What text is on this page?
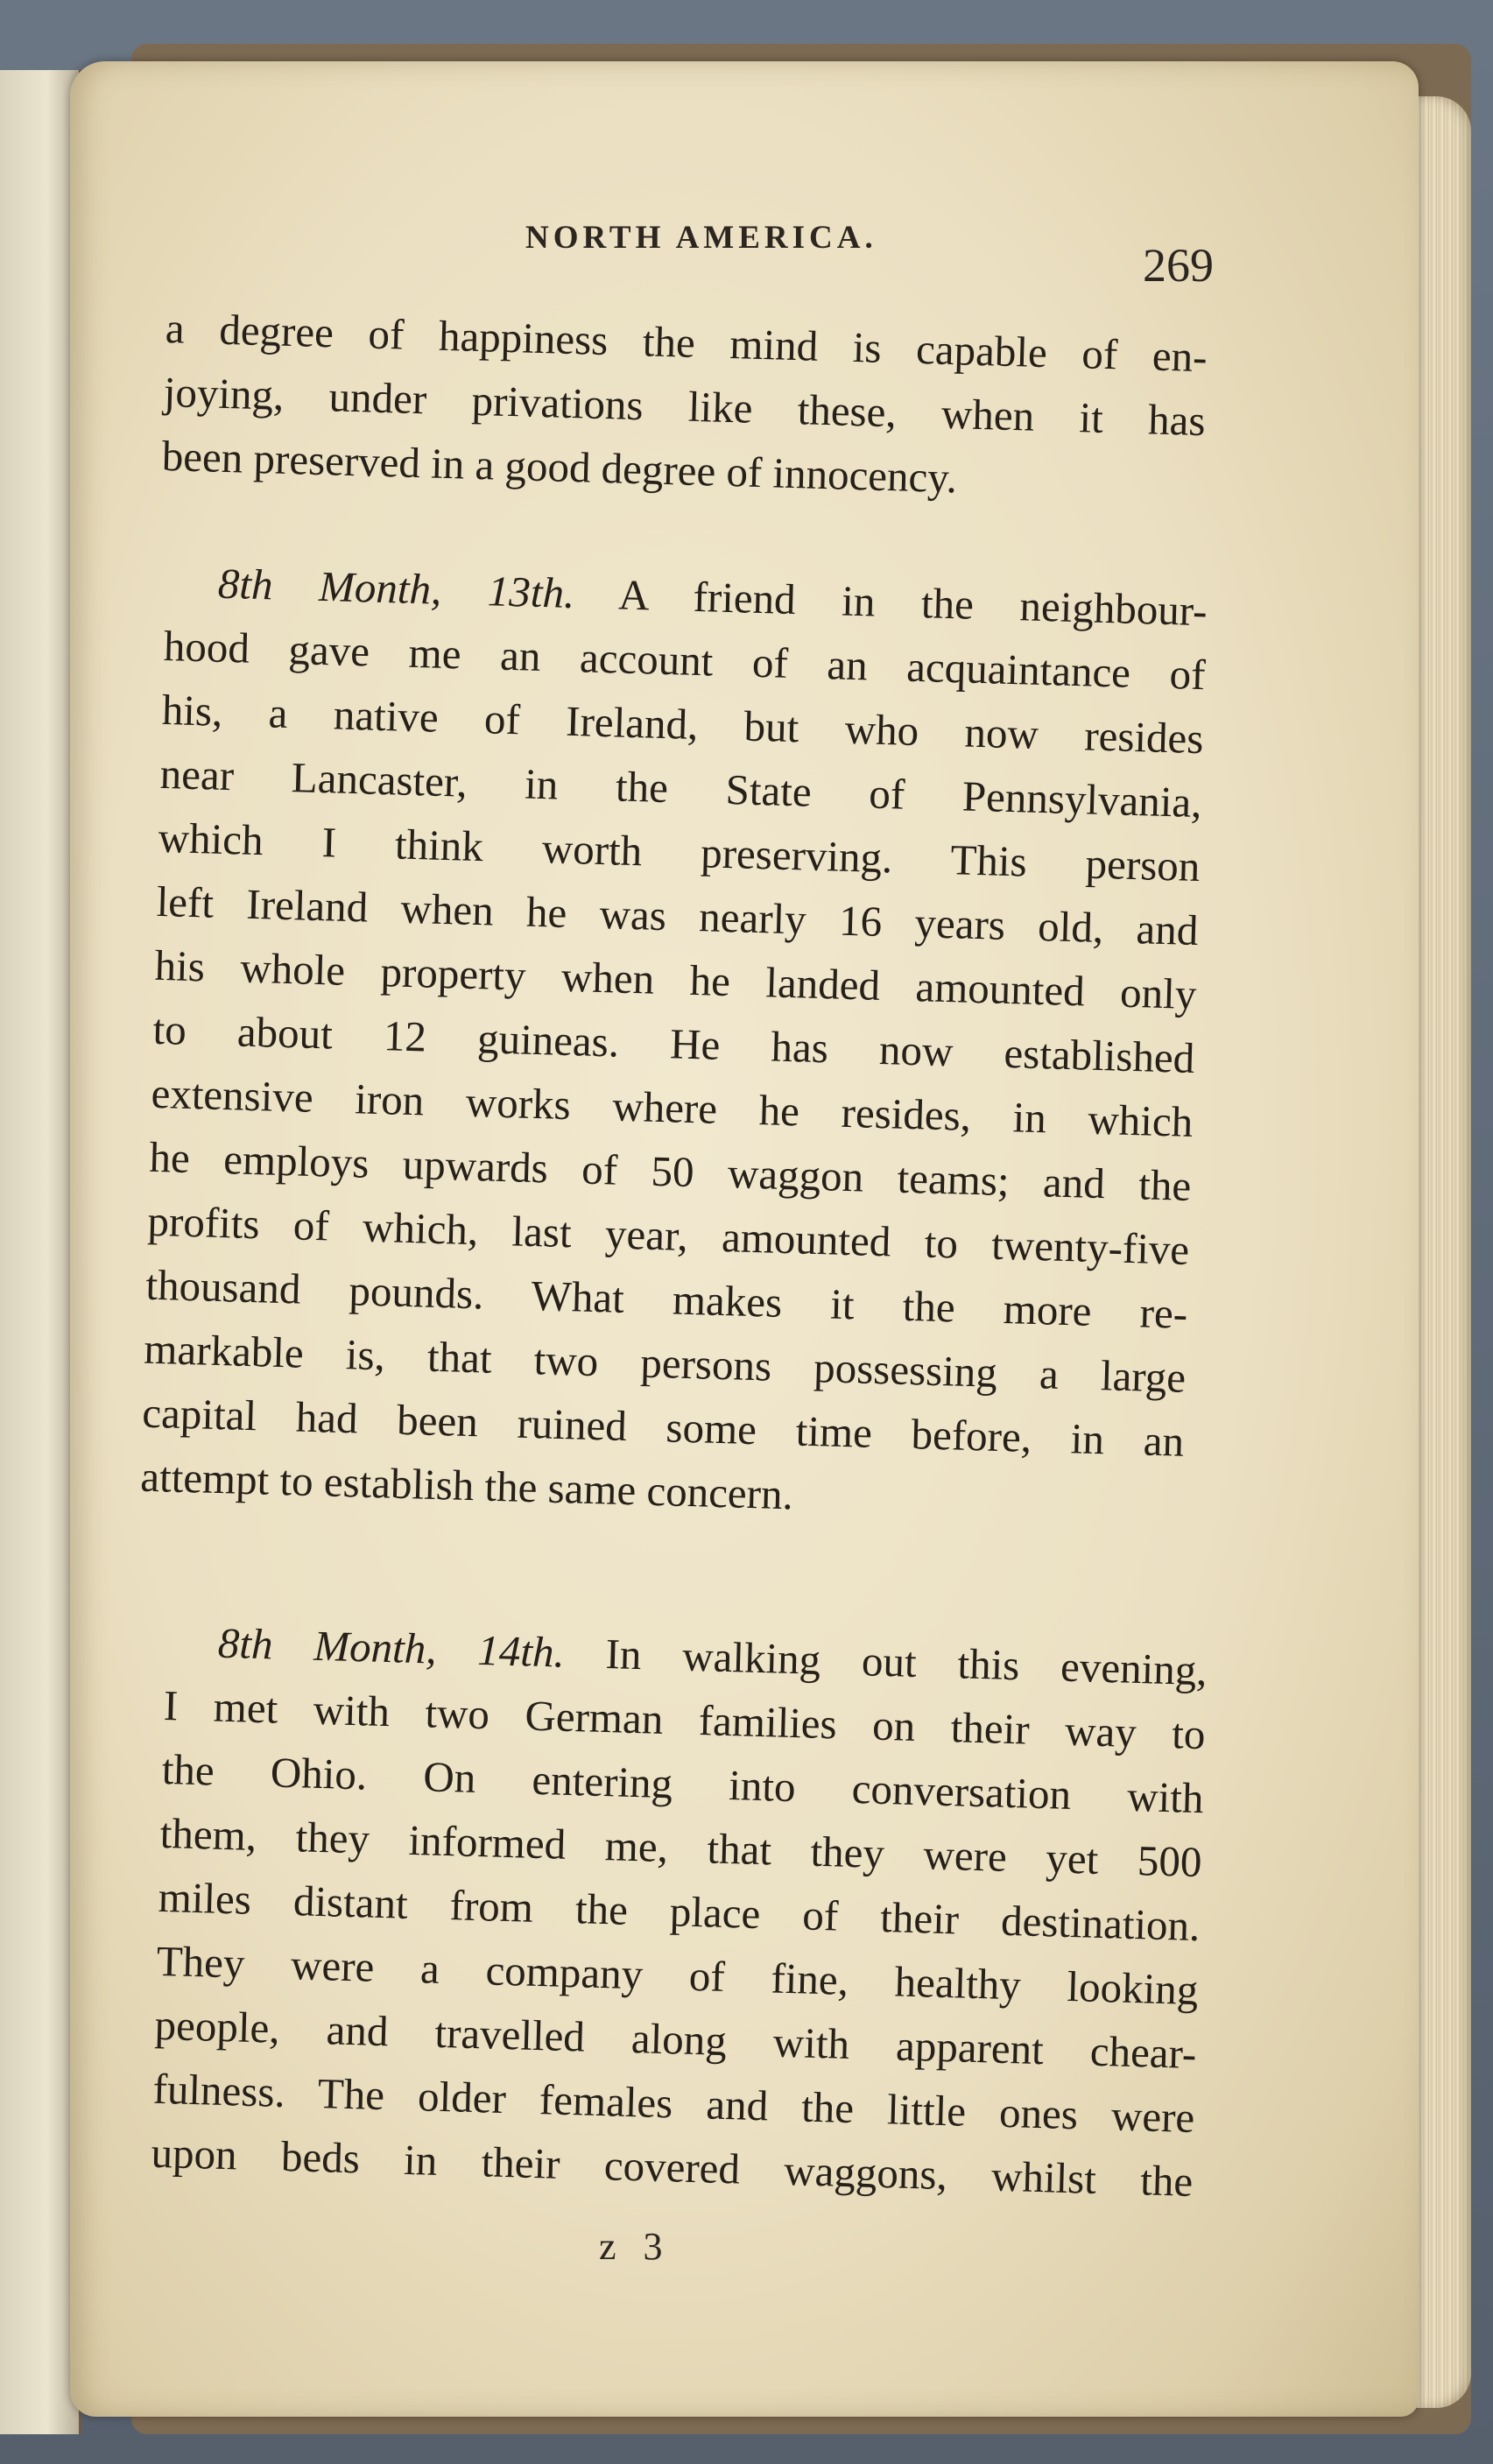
NORTH AMERICA.
269
a degree of happiness the mind is capable of en-
joying, under privations like these, when it has
been preserved in a good degree of innocency.
8th Month, 13th. A friend in the neighbour-
hood gave me an account of an acquaintance of
his, a native of Ireland, but who now resides
near Lancaster, in the State of Pennsylvania,
which I think worth preserving. This person
left Ireland when he was nearly 16 years old, and
his whole property when he landed amounted only
to about 12 guineas. He has now established
extensive iron works where he resides, in which
he employs upwards of 50 waggon teams; and the
profits of which, last year, amounted to twenty-five
thousand pounds. What makes it the more re-
markable is, that two persons possessing a large
capital had been ruined some time before, in an
attempt to establish the same concern.
8th Month, 14th. In walking out this evening,
I met with two German families on their way to
the Ohio. On entering into conversation with
them, they informed me, that they were yet 500
miles distant from the place of their destination.
They were a company of fine, healthy looking
people, and travelled along with apparent chear-
fulness. The older females and the little ones were
upon beds in their covered waggons, whilst the
z 3
